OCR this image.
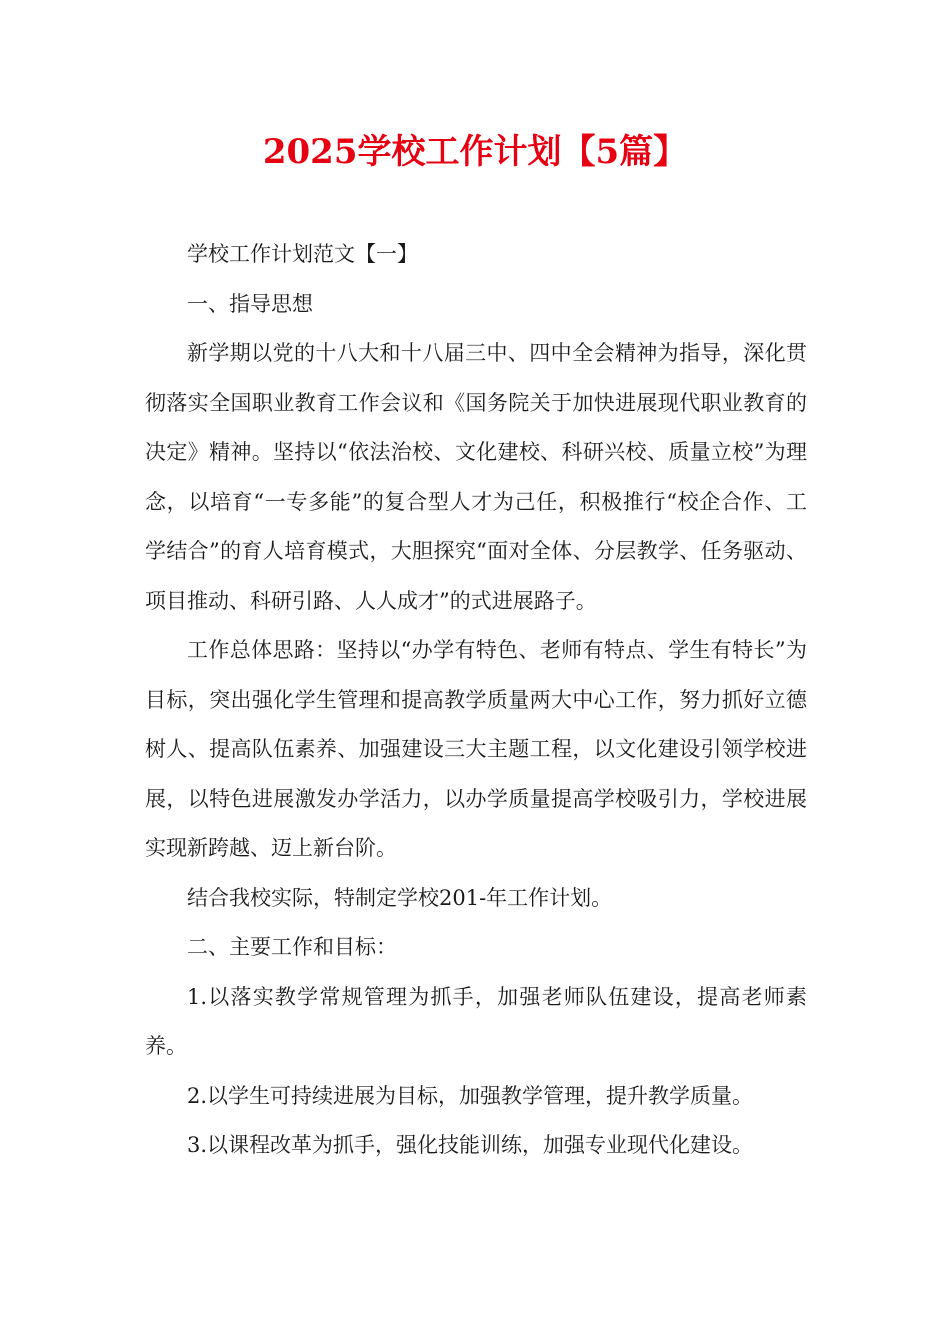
2025学校工作计划【5篇】

学校工作计划范文【一】

一、指导思想

新学期以党的十八大和十八届三中、四中全会精神为指导，深化贯彻落实全国职业教育工作会议和《国务院关于加快进展现代职业教育的决定》精神。坚持以“依法治校、文化建校、科研兴校、质量立校”为理念，以培育“一专多能”的复合型人才为己任，积极推行“校企合作、工学结合”的育人培育模式，大胆探究“面对全体、分层教学、任务驱动、项目推动、科研引路、人人成才”的式进展路子。

工作总体思路：坚持以“办学有特色、老师有特点、学生有特长”为目标，突出强化学生管理和提高教学质量两大中心工作，努力抓好立德树人、提高队伍素养、加强建设三大主题工程，以文化建设引领学校进展，以特色进展激发办学活力，以办学质量提高学校吸引力，学校进展实现新跨越、迈上新台阶。

结合我校实际，特制定学校201-年工作计划。

二、主要工作和目标：

1.以落实教学常规管理为抓手，加强老师队伍建设，提高老师素养。

2.以学生可持续进展为目标，加强教学管理，提升教学质量。

3.以课程改革为抓手，强化技能训练，加强专业现代化建设。
